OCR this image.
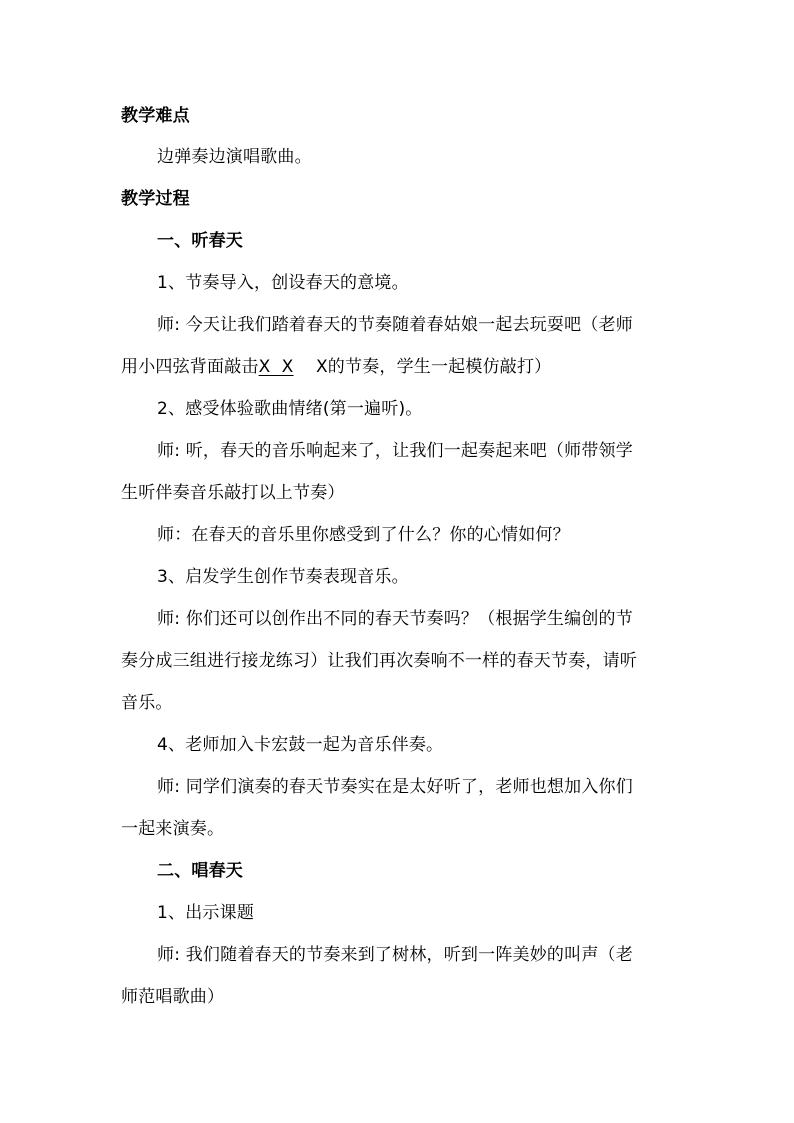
教学难点
边弹奏边演唱歌曲。
教学过程
一、听春天
1、节奏导入，创设春天的意境。
师: 今天让我们踏着春天的节奏随着春姑娘一起去玩耍吧（老师
用小四弦背面敲击X  X X的节奏，学生一起模仿敲打）
2、感受体验歌曲情绪(第一遍听)。
师: 听，春天的音乐响起来了，让我们一起奏起来吧（师带领学
生听伴奏音乐敲打以上节奏）
师：在春天的音乐里你感受到了什么？你的心情如何？
3、启发学生创作节奏表现音乐。
师: 你们还可以创作出不同的春天节奏吗？（根据学生编创的节
奏分成三组进行接龙练习）让我们再次奏响不一样的春天节奏，请听
音乐。
4、老师加入卡宏鼓一起为音乐伴奏。
师: 同学们演奏的春天节奏实在是太好听了，老师也想加入你们
一起来演奏。
二、唱春天
1、出示课题
师: 我们随着春天的节奏来到了树林，听到一阵美妙的叫声（老
师范唱歌曲）
